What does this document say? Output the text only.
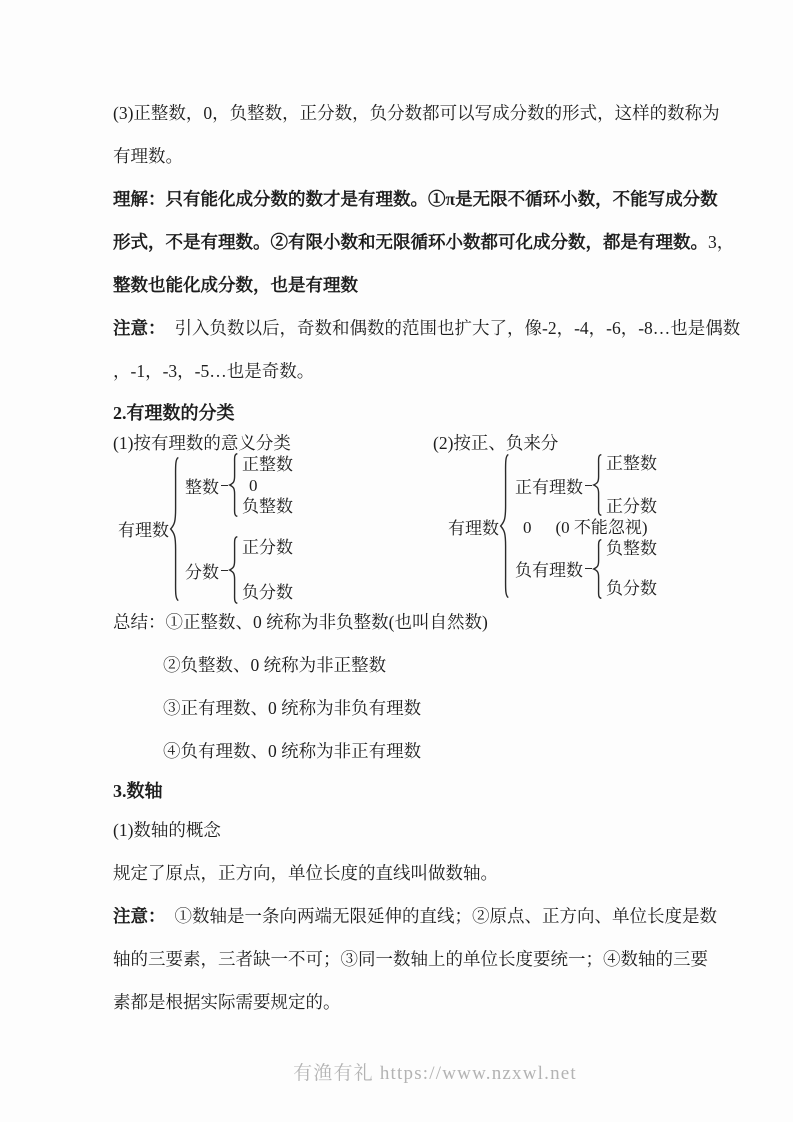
(3)正整数，0，负整数，正分数，负分数都可以写成分数的形式，这样的数称为
有理数。
理解：只有能化成分数的数才是有理数。①π是无限不循环小数，不能写成分数
形式，不是有理数。②有限小数和无限循环小数都可化成分数，都是有理数。3，
整数也能化成分数，也是有理数
注意： 引入负数以后，奇数和偶数的范围也扩大了，像-2，-4，-6，-8…也是偶数
，-1，-3，-5…也是奇数。
2.有理数的分类
(1)按有理数的意义分类	(2)按正、负来分
有理数
整数
正整数
0
负整数
分数
正分数
负分数
有理数
正有理数
正整数
正分数
0 (0 不能忽视)
负有理数
负整数
负分数
总结：①正整数、0 统称为非负整数(也叫自然数)
②负整数、0 统称为非正整数
③正有理数、0 统称为非负有理数
④负有理数、0 统称为非正有理数
3.数轴
(1)数轴的概念
规定了原点，正方向，单位长度的直线叫做数轴。
注意： ①数轴是一条向两端无限延伸的直线；②原点、正方向、单位长度是数
轴的三要素，三者缺一不可；③同一数轴上的单位长度要统一；④数轴的三要
素都是根据实际需要规定的。
有渔有礼 https://www.nzxwl.net
